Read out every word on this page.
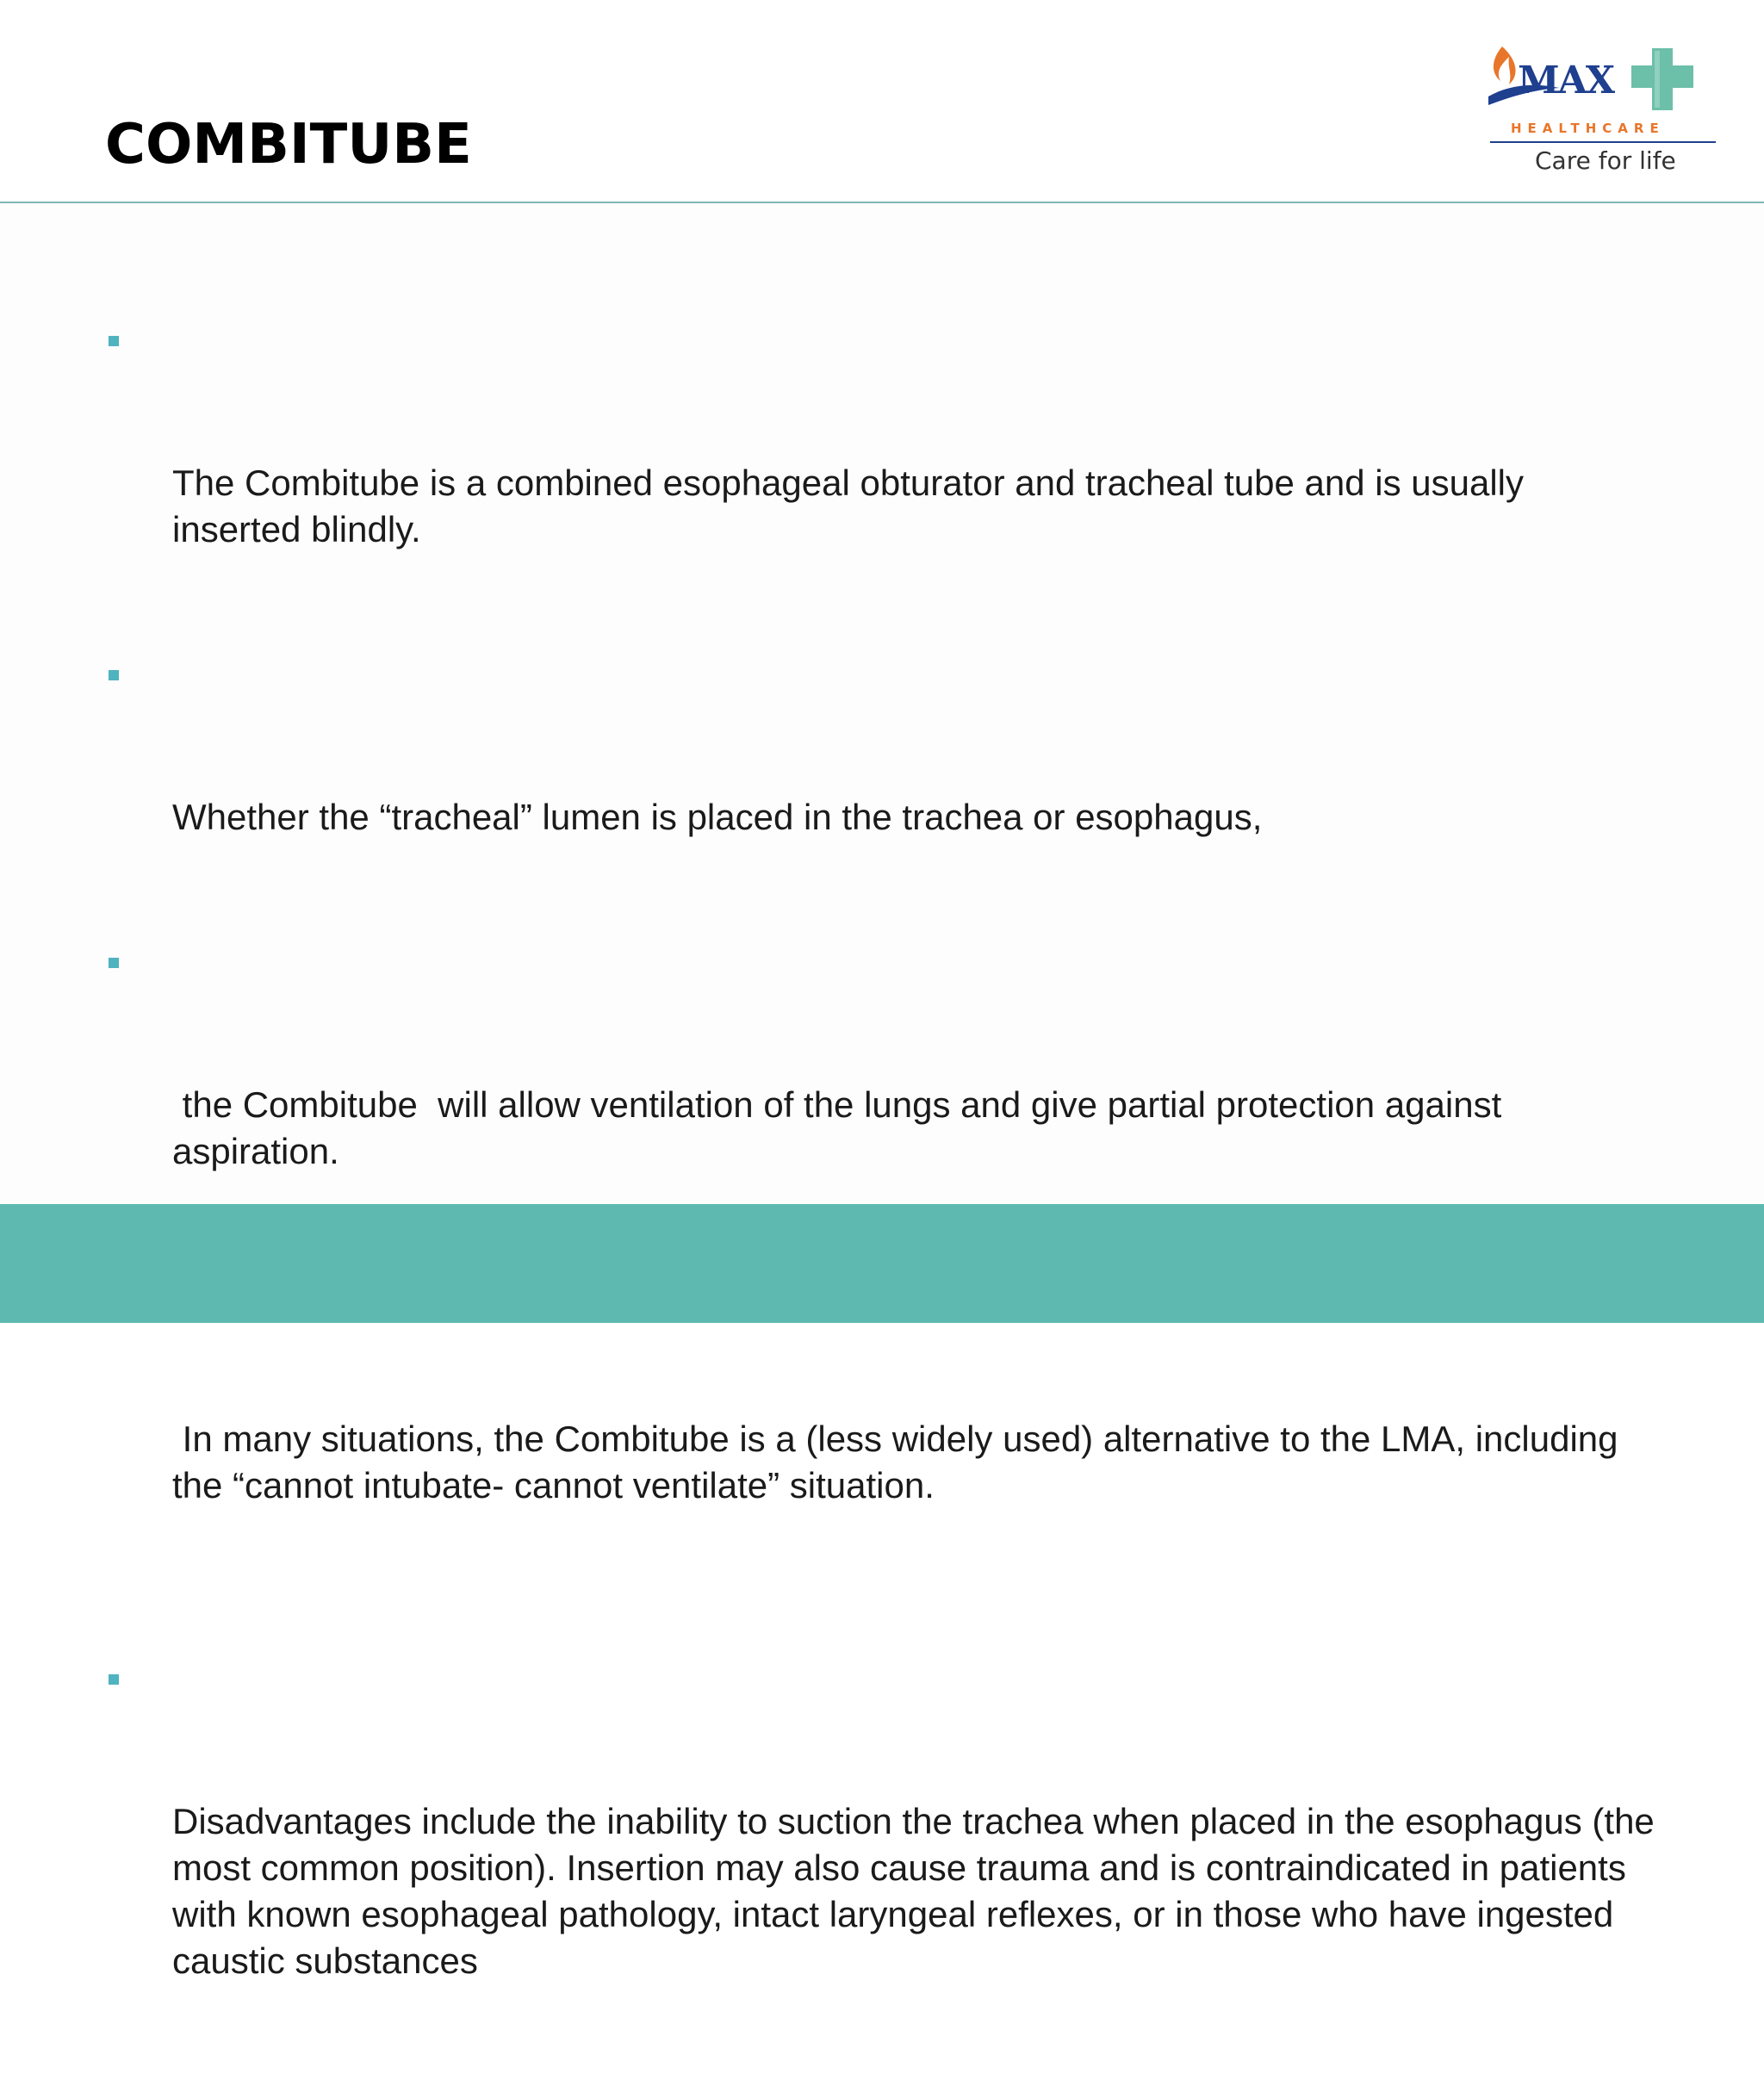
COMBITUBE
MAX
HEALTHCARE
Care for life

The Combitube is a combined esophageal obturator and tracheal tube and is usually inserted blindly.

Whether the “tracheal” lumen is placed in the trachea or esophagus,

the Combitube  will allow ventilation of the lungs and give partial protection against aspiration.

In many situations, the Combitube is a (less widely used) alternative to the LMA, including the “cannot intubate- cannot ventilate” situation.

Disadvantages include the inability to suction the trachea when placed in the esophagus (the most common position). Insertion may also cause trauma and is contraindicated in patients with known esophageal pathology, intact laryngeal reflexes, or in those who have ingested caustic substances
